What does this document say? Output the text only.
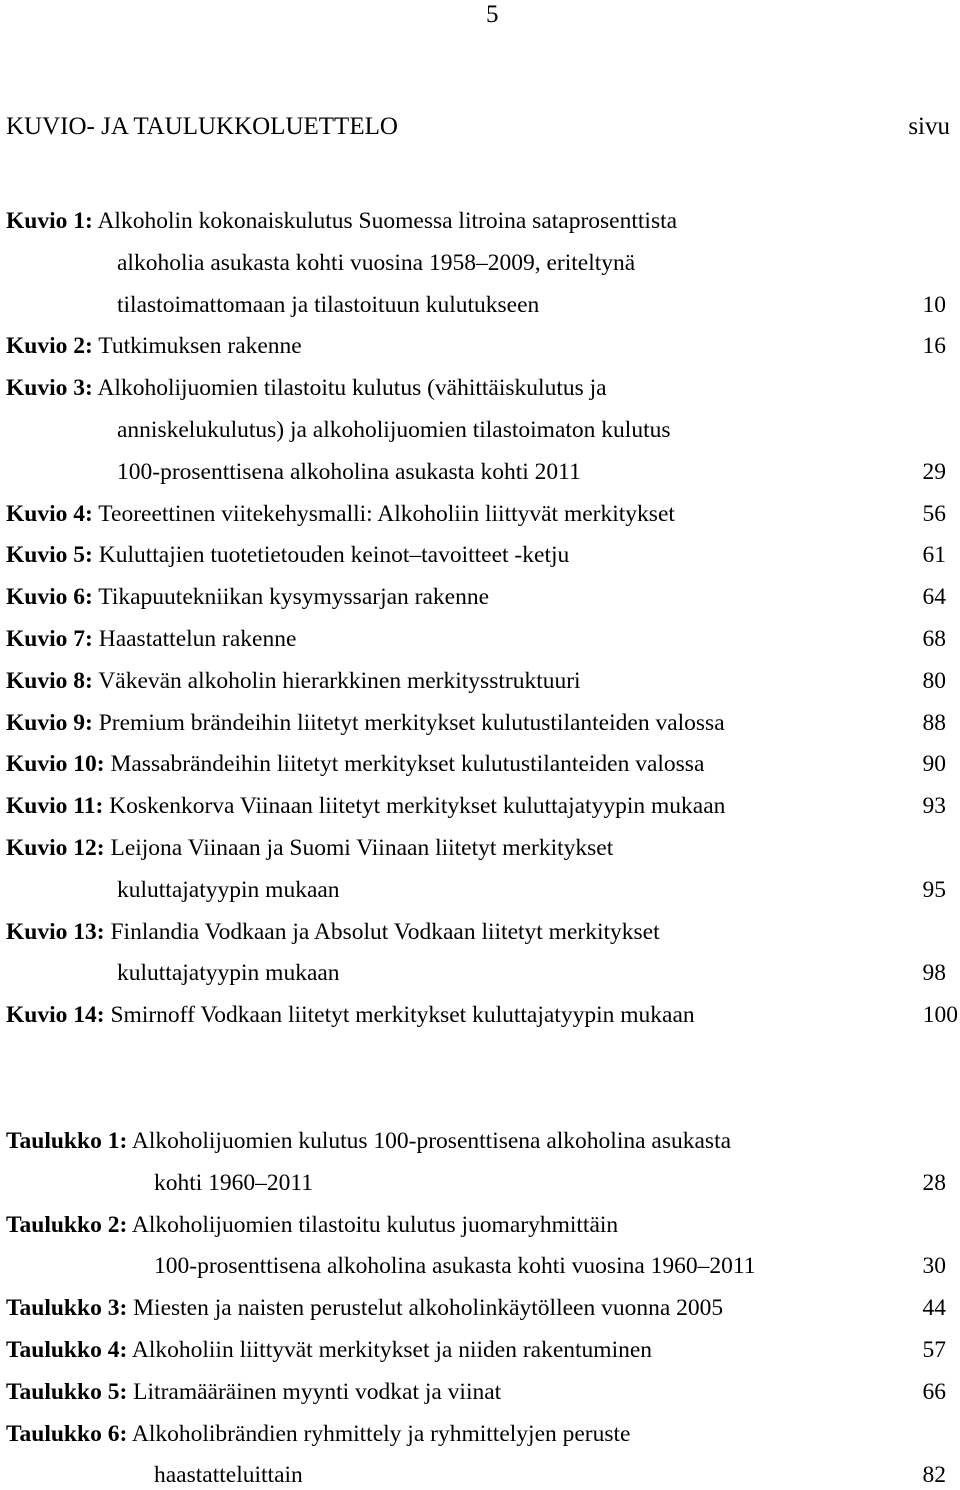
5
KUVIO- JA TAULUKKOLUETTELO	sivu
Kuvio 1: Alkoholin kokonaiskulutus Suomessa litroina sataprosenttista
alkoholia asukasta kohti vuosina 1958–2009, eriteltynä
tilastoimattomaan ja tilastoituun kulutukseen	10
Kuvio 2: Tutkimuksen rakenne	16
Kuvio 3: Alkoholijuomien tilastoitu kulutus (vähittäiskulutus ja
anniskelukulutus) ja alkoholijuomien tilastoimaton kulutus
100-prosenttisena alkoholina asukasta kohti 2011	29
Kuvio 4: Teoreettinen viitekehysmalli: Alkoholiin liittyvät merkitykset	56
Kuvio 5: Kuluttajien tuotetietouden keinot–tavoitteet -ketju	61
Kuvio 6: Tikapuutekniikan kysymyssarjan rakenne	64
Kuvio 7: Haastattelun rakenne	68
Kuvio 8: Väkevän alkoholin hierarkkinen merkitysstruktuuri	80
Kuvio 9: Premium brändeihin liitetyt merkitykset kulutustilanteiden valossa	88
Kuvio 10: Massabrändeihin liitetyt merkitykset kulutustilanteiden valossa	90
Kuvio 11: Koskenkorva Viinaan liitetyt merkitykset kuluttajatyypin mukaan	93
Kuvio 12: Leijona Viinaan ja Suomi Viinaan liitetyt merkitykset
kuluttajatyypin mukaan	95
Kuvio 13: Finlandia Vodkaan ja Absolut Vodkaan liitetyt merkitykset
kuluttajatyypin mukaan	98
Kuvio 14: Smirnoff Vodkaan liitetyt merkitykset kuluttajatyypin mukaan	100
Taulukko 1: Alkoholijuomien kulutus 100-prosenttisena alkoholina asukasta
kohti 1960–2011	28
Taulukko 2: Alkoholijuomien tilastoitu kulutus juomaryhmittäin
100-prosenttisena alkoholina asukasta kohti vuosina 1960–2011	30
Taulukko 3: Miesten ja naisten perustelut alkoholinkäytölleen vuonna 2005	44
Taulukko 4: Alkoholiin liittyvät merkitykset ja niiden rakentuminen	57
Taulukko 5: Litramääräinen myynti vodkat ja viinat	66
Taulukko 6: Alkoholibrändien ryhmittely ja ryhmittelyjen peruste
haastatteluittain	82
